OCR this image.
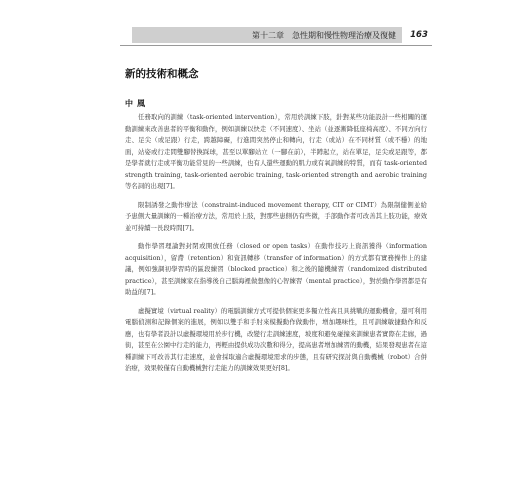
第十二章　急性期和慢性物理治療及復健	163
新的技術和概念
中風

任務取向的訓練（task-oriented intervention），常用於訓練下肢，針對某些功能設計一些相關的運動訓練來改善患者的平衡和動作，例如訓練以快走（不同速度）、坐站（並逐漸降低座椅高度）、不同方向行走、足尖（或足跟）行走，跨越障礙，行進間突然停止和轉向，行走（或站）在不同材質（或不穩）的地面，站姿或行走間雙腳替換踩球，甚至以單腳站立（一腳在前），半蹲起立，站在單足，足尖或足跟等，都是學者就行走或平衡功能常見的一些訓練，也有人還些運動的肌力或有氧訓練的特質，而有 task-oriented strength training, task-oriented aerobic training, task-oriented strength and aerobic training 等名詞的出現[7]。

限制誘發之動作療法（constraint-induced movement therapy, CIT or CIMT）為限制健側並給予患側大量訓練的一種治療方法，常用於上肢，對那些患側仍有些微，手部動作者可改善其上肢功能，療效並可持續一長段時間[7]。

動作學習理論對封閉或開放任務（closed or open tasks）在動作技巧上資訊獲得（information acquisition），留滯（retention）和資訊轉移（transfer of information）的方式都有實務操作上的建議，例如強調初學習時的區段練習（blocked practice）和之後的隨機練習（randomized distributed practice），甚至訓練家在指導後自己腦海裡做想像的心智練習（mental practice），對於動作學習都是有助益的[7]。

虛擬實境（virtual reality）的電腦訓練方式可提供個案更多獨立性高且具挑戰的運動機會，還可利用電腦偵測和記錄個案的進展，例如以雙手和手肘來模擬動作做動作，增加趣味性，且可訓練敏捷動作和反應，也有學者設計以虛擬環境用於步行機，改變行走訓練速度，坡度和避免碰撞來訓練患者實際在走廊，過街，甚至在公園中行走的能力，再輕由提供成功次數和得分，提高患者增加練習的動機，結果發現患者在這種訓練下可改善其行走速度，並會採取適合虛擬環境需求的步態，且有研究探討與自動機械（robot）合併治療，效果較僅有自動機械對行走能力的訓練效果更好[8]。
